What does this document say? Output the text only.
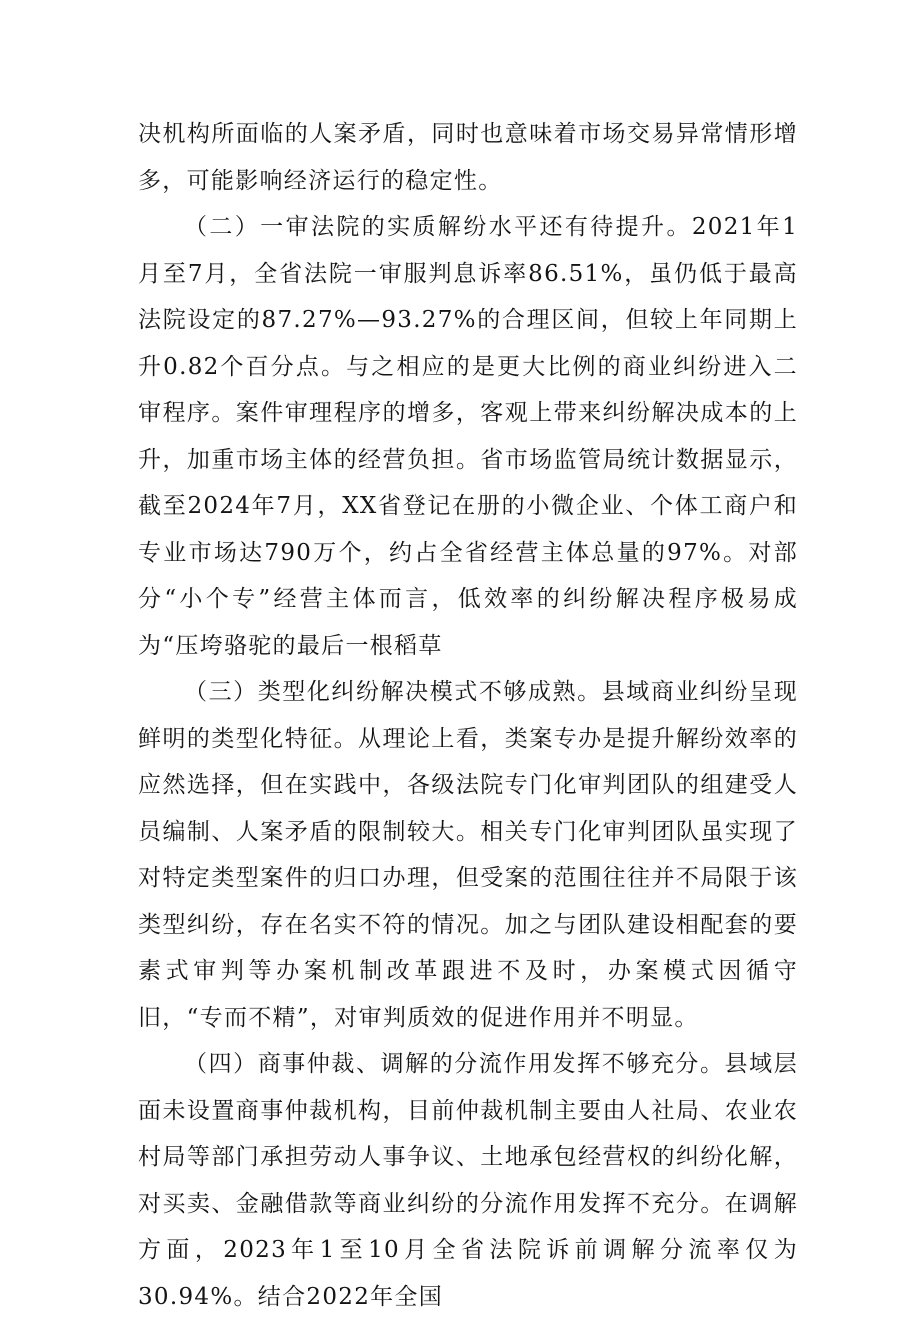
决机构所面临的人案矛盾，同时也意味着市场交易异常情形增多，可能影响经济运行的稳定性。

（二）一审法院的实质解纷水平还有待提升。2021年1月至7月，全省法院一审服判息诉率86.51%，虽仍低于最高法院设定的87.27%—93.27%的合理区间，但较上年同期上升0.82个百分点。与之相应的是更大比例的商业纠纷进入二审程序。案件审理程序的增多，客观上带来纠纷解决成本的上升，加重市场主体的经营负担。省市场监管局统计数据显示，截至2024年7月，XX省登记在册的小微企业、个体工商户和专业市场达790万个，约占全省经营主体总量的97%。对部分“小个专”经营主体而言，低效率的纠纷解决程序极易成为“压垮骆驼的最后一根稻草

（三）类型化纠纷解决模式不够成熟。县域商业纠纷呈现鲜明的类型化特征。从理论上看，类案专办是提升解纷效率的应然选择，但在实践中，各级法院专门化审判团队的组建受人员编制、人案矛盾的限制较大。相关专门化审判团队虽实现了对特定类型案件的归口办理，但受案的范围往往并不局限于该类型纠纷，存在名实不符的情况。加之与团队建设相配套的要素式审判等办案机制改革跟进不及时，办案模式因循守旧，“专而不精”，对审判质效的促进作用并不明显。

（四）商事仲裁、调解的分流作用发挥不够充分。县域层面未设置商事仲裁机构，目前仲裁机制主要由人社局、农业农村局等部门承担劳动人事争议、土地承包经营权的纠纷化解，对买卖、金融借款等商业纠纷的分流作用发挥不充分。在调解方面，2023年1至10月全省法院诉前调解分流率仅为30.94%。结合2022年全国
